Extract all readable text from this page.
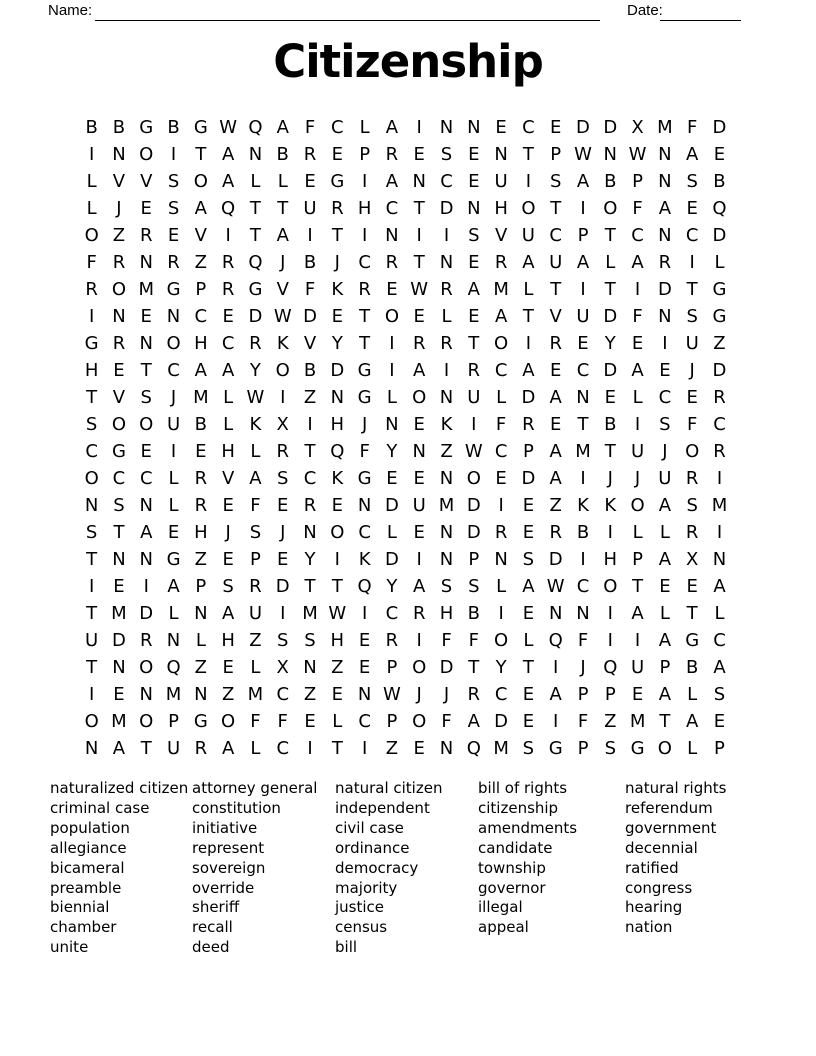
Name:	Date:
Citizenship
B B G B G W Q A F C L A	I N N E C E D D X M F D
I N O I	T A N B R E P R E S E N T P W N W N A E
L V V S O A L L E G I	A N C E U	I	S A B P N S B
L	J	E S A Q T T U R H C T D N H O T	I O F A E Q
O Z R E V	I	T A	I	T	I N I	I	S V U C P T C N C D
F R N R Z R Q J	B	J	C R T N E R A U A L A R	I	L
R O M G P R G V F K R E W R A M L T	I	T	I D T G
I N E N C E D W D E T O E L E A T V U D F N S G
G R N O H C R K V Y T	I	R R T O I	R E Y E	I	U Z
H E T C A A Y O B D G I	A	I	R C A E C D A E	J D
T V S	J M L W I	Z N G L O N U L D A N E L C E R
S O O U B L K X	I H J N E K	I	F R E T B	I	S F C
C G E	I	E H L R T Q F Y N Z W C P A M T U	J O R
O C C L R V A S C K G E E N O E D A	I	J	J	U R	I
N S N L R E F E R E N D U M D I	E Z K K O A S M
S T A E H J	S	J N O C L E N D R E R B	I	L L R	I
T N N G Z E P E Y	I	K D I N P N S D I H P A X N
I	E	I	A P S R D T T Q Y A S S L A W C O T E E A
T M D L N A U	I M W I	C R H B	I	E N N I	A L T L
U D R N L H Z S S H E R	I	F F O L Q F	I	I	A G C
T N O Q Z E L X N Z E P O D T Y T	I	J Q U P B A
I	E N M N Z M C Z E N W J	J	R C E A P P E A L S
O M O P G O F F E L C P O F A D E	I	F Z M T A E
N A T U R A L C	I	T	I	Z E N Q M S G P S G O L P
naturalized citizen
criminal case
population
allegiance
bicameral
preamble
biennial
chamber
unite
attorney general
constitution
initiative
represent
sovereign
override
sheriff
recall
deed
natural citizen
independent
civil case
ordinance
democracy
majority
justice
census
bill
bill of rights
citizenship
amendments
candidate
township
governor
illegal
appeal
natural rights
referendum
government
decennial
ratified
congress
hearing
nation
